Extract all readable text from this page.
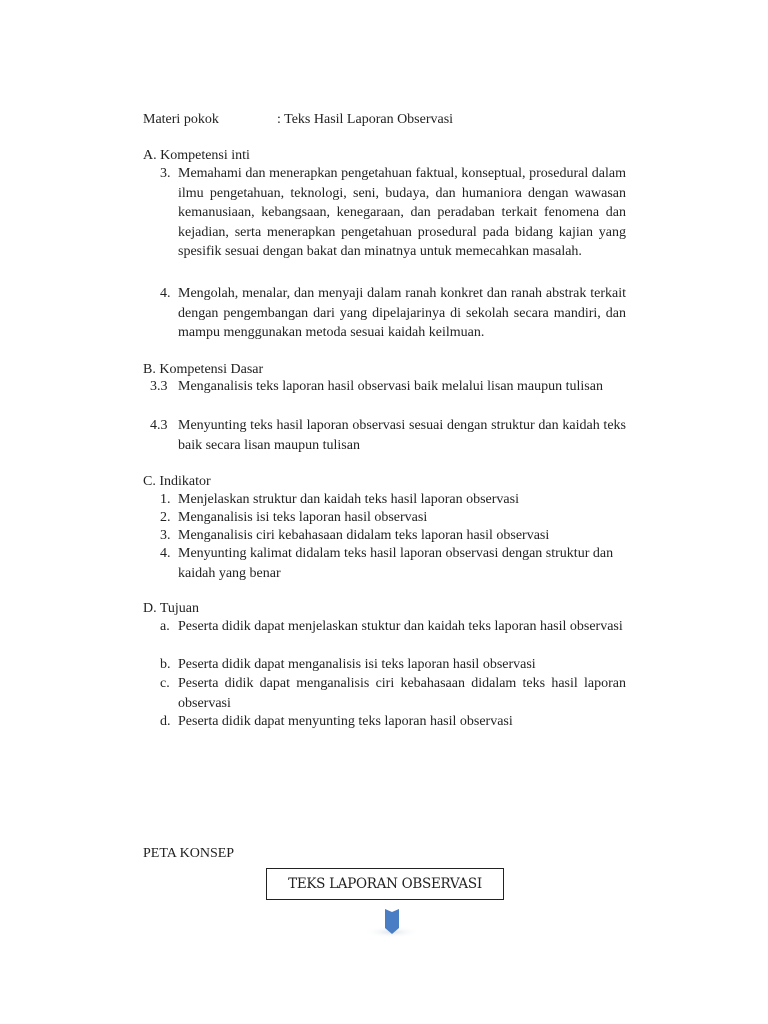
Materi pokok	: Teks Hasil Laporan Observasi
A. Kompetensi inti
3. Memahami dan menerapkan pengetahuan faktual, konseptual, prosedural dalam ilmu pengetahuan, teknologi, seni, budaya, dan humaniora dengan wawasan kemanusiaan, kebangsaan, kenegaraan, dan peradaban terkait fenomena dan kejadian, serta menerapkan pengetahuan prosedural pada bidang kajian yang spesifik sesuai dengan bakat dan minatnya untuk memecahkan masalah.
4. Mengolah, menalar, dan menyaji dalam ranah konkret dan ranah abstrak terkait dengan pengembangan dari yang dipelajarinya di sekolah secara mandiri, dan mampu menggunakan metoda sesuai kaidah keilmuan.
B. Kompetensi Dasar
3.3 Menganalisis teks laporan hasil observasi baik melalui lisan maupun tulisan
4.3 Menyunting teks hasil laporan observasi sesuai dengan struktur dan kaidah teks baik secara lisan maupun tulisan
C. Indikator
1. Menjelaskan struktur dan kaidah teks hasil laporan observasi
2. Menganalisis isi teks laporan hasil observasi
3. Menganalisis ciri kebahasaan didalam teks laporan hasil observasi
4. Menyunting kalimat didalam teks hasil laporan observasi dengan struktur dan kaidah yang benar
D. Tujuan
a. Peserta didik dapat menjelaskan stuktur dan kaidah teks laporan hasil observasi
b. Peserta didik dapat menganalisis isi teks laporan hasil observasi
c. Peserta didik dapat menganalisis ciri kebahasaan didalam teks hasil laporan observasi
d. Peserta didik dapat menyunting teks laporan hasil observasi
PETA KONSEP
TEKS LAPORAN OBSERVASI
